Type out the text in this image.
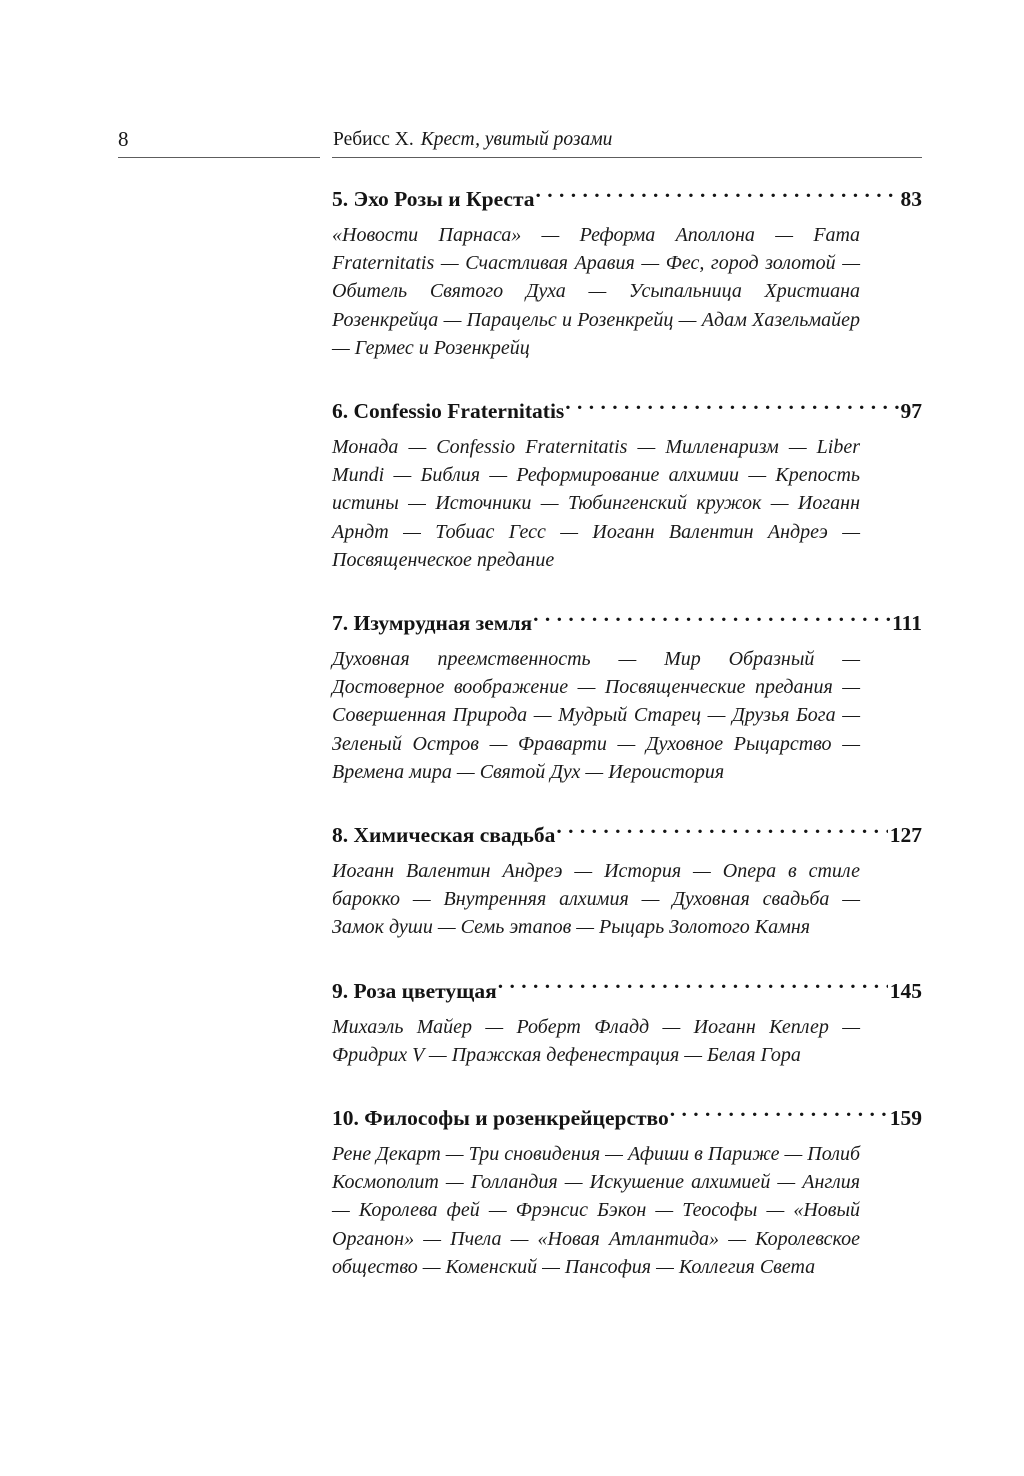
8	Ребисс Х. Крест, увитый розами
5. Эхо Розы и Креста . . .	83
«Новости Парнаса» — Реформа Аполлона — Fama Fraternitatis — Счастливая Аравия — Фес, город золотой — Обитель Святого Духа — Усыпальница Христиана Розенкрейца — Парацельс и Розенкрейц — Адам Хазельмайер — Гермес и Розенкрейц
6. Confessio Fraternitatis . . .	97
Монада — Confessio Fraternitatis — Милленаризм — Liber Mundi — Библия — Реформирование алхимии — Крепость истины — Источники — Тюбингенский кружок — Иоганн Арндт — Тобиас Гесс — Иоганн Валентин Андреэ — Посвященческое предание
7. Изумрудная земля . . .	111
Духовная преемственность — Мир Образный — Достоверное воображение — Посвященческие предания — Совершенная Природа — Мудрый Старец — Друзья Бога — Зеленый Остров — Фраварти — Духовное Рыцарство — Времена мира — Святой Дух — Иероистория
8. Химическая свадьба . . .	127
Иоганн Валентин Андреэ — История — Опера в стиле барокко — Внутренняя алхимия — Духовная свадьба — Замок души — Семь этапов — Рыцарь Золотого Камня
9. Роза цветущая . . .	145
Михаэль Майер — Роберт Фладд — Иоганн Кеплер — Фридрих V — Пражская дефенестрация — Белая Гора
10. Философы и розенкрейцерство . . .	159
Рене Декарт — Три сновидения — Афиши в Париже — Полиб Космополит — Голландия — Искушение алхимией — Англия — Королева фей — Фрэнсис Бэкон — Теософы — «Новый Органон» — Пчела — «Новая Атлантида» — Королевское общество — Коменский — Пансофия — Коллегия Света
